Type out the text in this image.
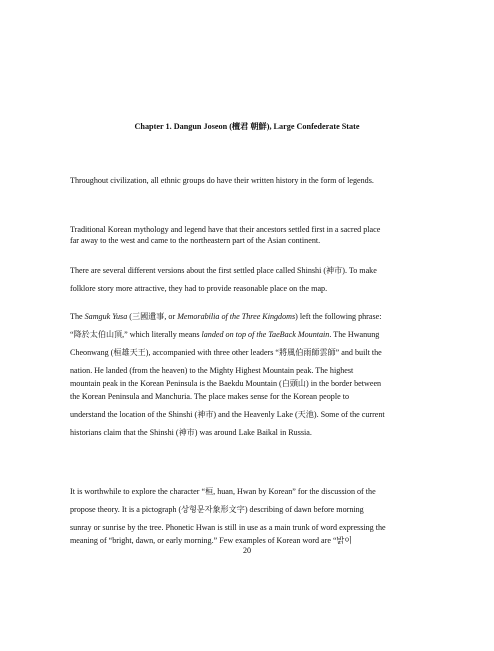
Chapter 1. Dangun Joseon (檀君 朝鮮), Large Confederate State

Throughout civilization, all ethnic groups do have their written history in the form of legends.

Traditional Korean mythology and legend have that their ancestors settled first in a sacred place
far away to the west and came to the northeastern part of the Asian continent.

There are several different versions about the first settled place called Shinshi (神市). To make
folklore story more attractive, they had to provide reasonable place on the map.

The Samguk Yusa (三國遺事, or Memorabilia of the Three Kingdoms) left the following phrase:
“降於太伯山頂,” which literally means landed on top of the TaeBack Mountain. The Hwanung
Cheonwang (桓雄天王), accompanied with three other leaders “將風伯雨師雲師” and built the
nation. He landed (from the heaven) to the Mighty Highest Mountain peak. The highest
mountain peak in the Korean Peninsula is the Baekdu Mountain (白頭山) in the border between
the Korean Peninsula and Manchuria. The place makes sense for the Korean people to
understand the location of the Shinshi (神市) and the Heavenly Lake (天池). Some of the current
historians claim that the Shinshi (神市) was around Lake Baikal in Russia.

It is worthwhile to explore the character “桓, huan, Hwan by Korean” for the discussion of the
propose theory. It is a pictograph (상형문자象形文字) describing of dawn before morning
sunray or sunrise by the tree. Phonetic Hwan is still in use as a main trunk of word expressing the
meaning of “bright, dawn, or early morning.” Few examples of Korean word are “밝이

20
